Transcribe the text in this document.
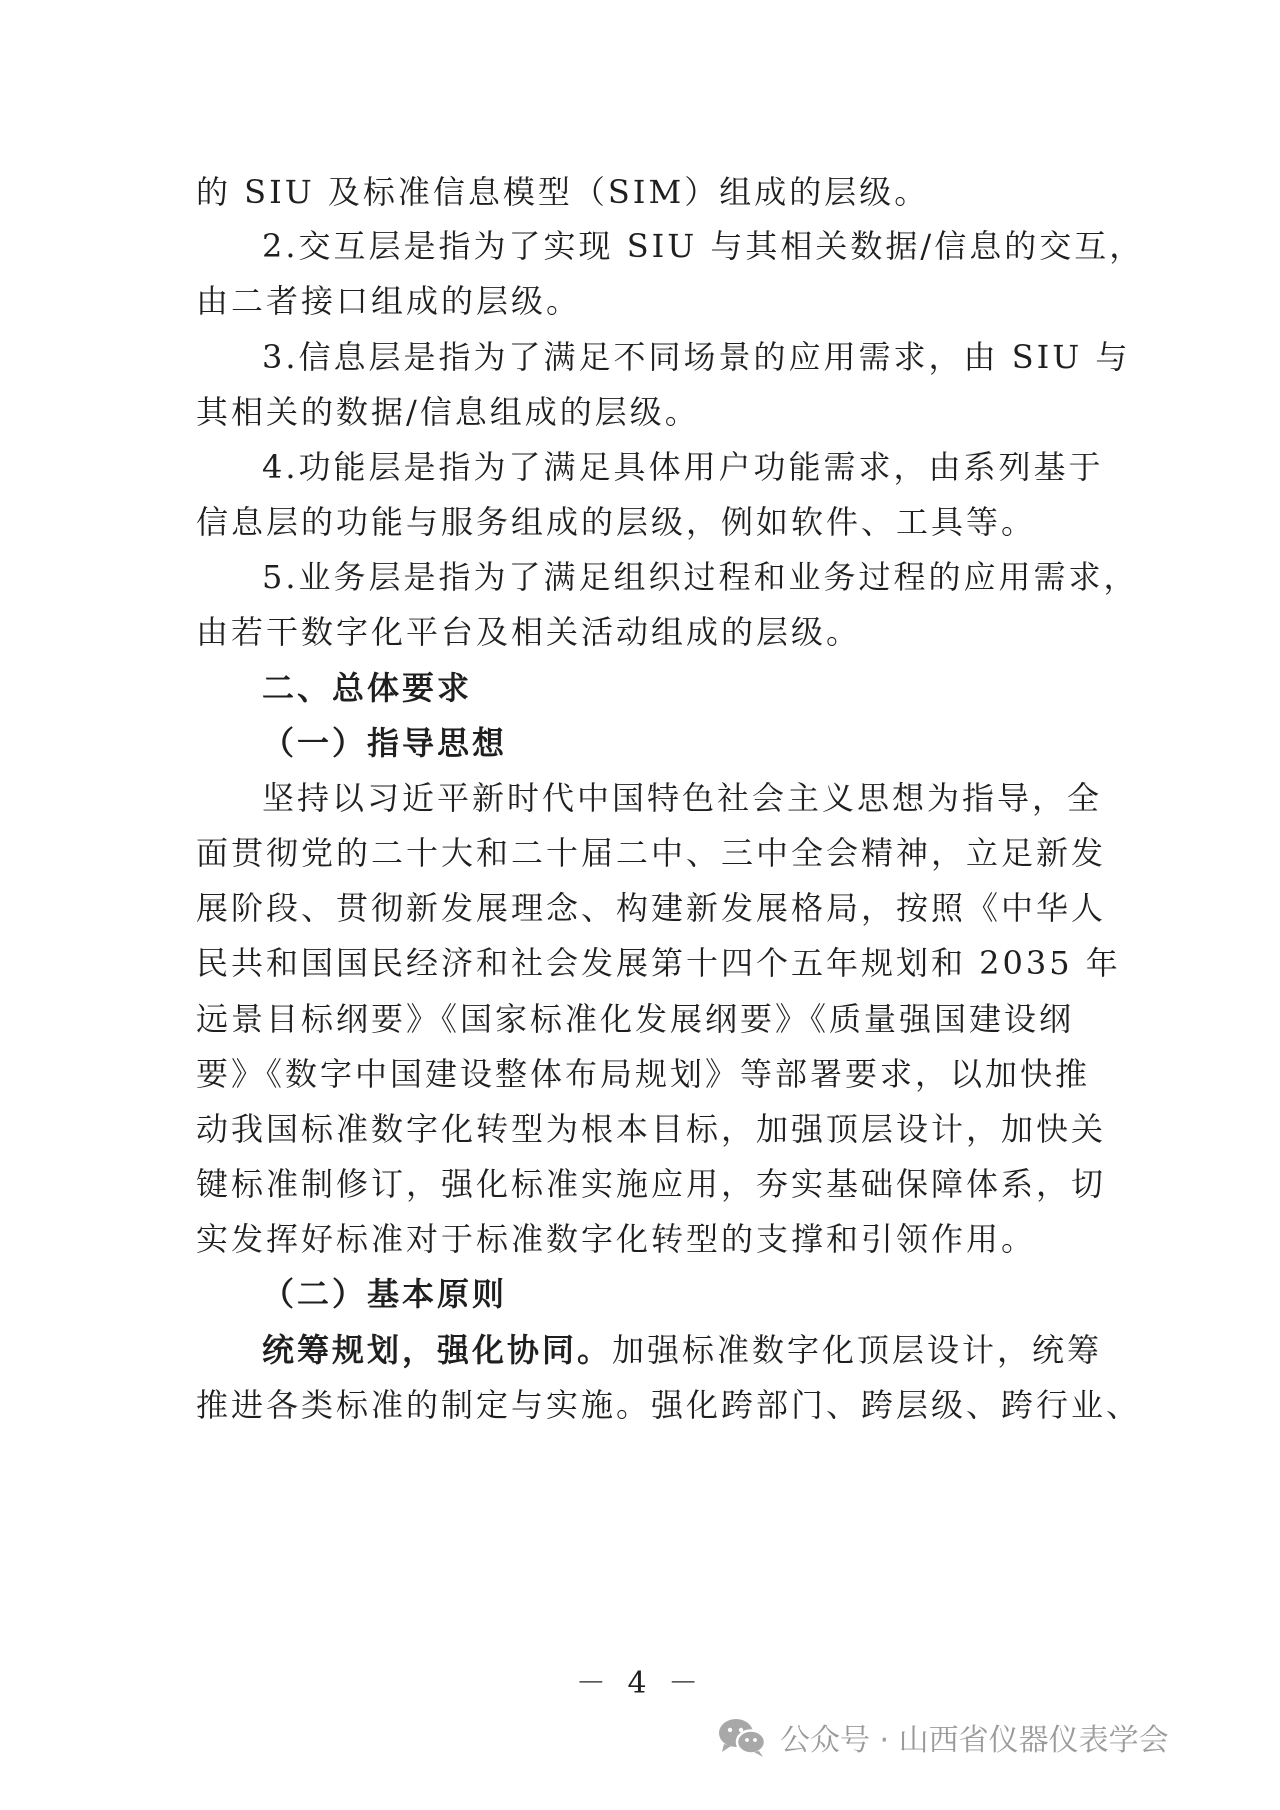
的 SIU 及标准信息模型（SIM）组成的层级。
2.交互层是指为了实现 SIU 与其相关数据/信息的交互，
由二者接口组成的层级。
3.信息层是指为了满足不同场景的应用需求，由 SIU 与
其相关的数据/信息组成的层级。
4.功能层是指为了满足具体用户功能需求，由系列基于
信息层的功能与服务组成的层级，例如软件、工具等。
5.业务层是指为了满足组织过程和业务过程的应用需求，
由若干数字化平台及相关活动组成的层级。
二、总体要求
（一）指导思想
坚持以习近平新时代中国特色社会主义思想为指导，全
面贯彻党的二十大和二十届二中、三中全会精神，立足新发
展阶段、贯彻新发展理念、构建新发展格局，按照《中华人
民共和国国民经济和社会发展第十四个五年规划和 2035 年
远景目标纲要》《国家标准化发展纲要》《质量强国建设纲
要》《数字中国建设整体布局规划》等部署要求，以加快推
动我国标准数字化转型为根本目标，加强顶层设计，加快关
键标准制修订，强化标准实施应用，夯实基础保障体系，切
实发挥好标准对于标准数字化转型的支撑和引领作用。
（二）基本原则
统筹规划，强化协同。加强标准数字化顶层设计，统筹
推进各类标准的制定与实施。强化跨部门、跨层级、跨行业、
－ 4 －
公众号 · 山西省仪器仪表学会
